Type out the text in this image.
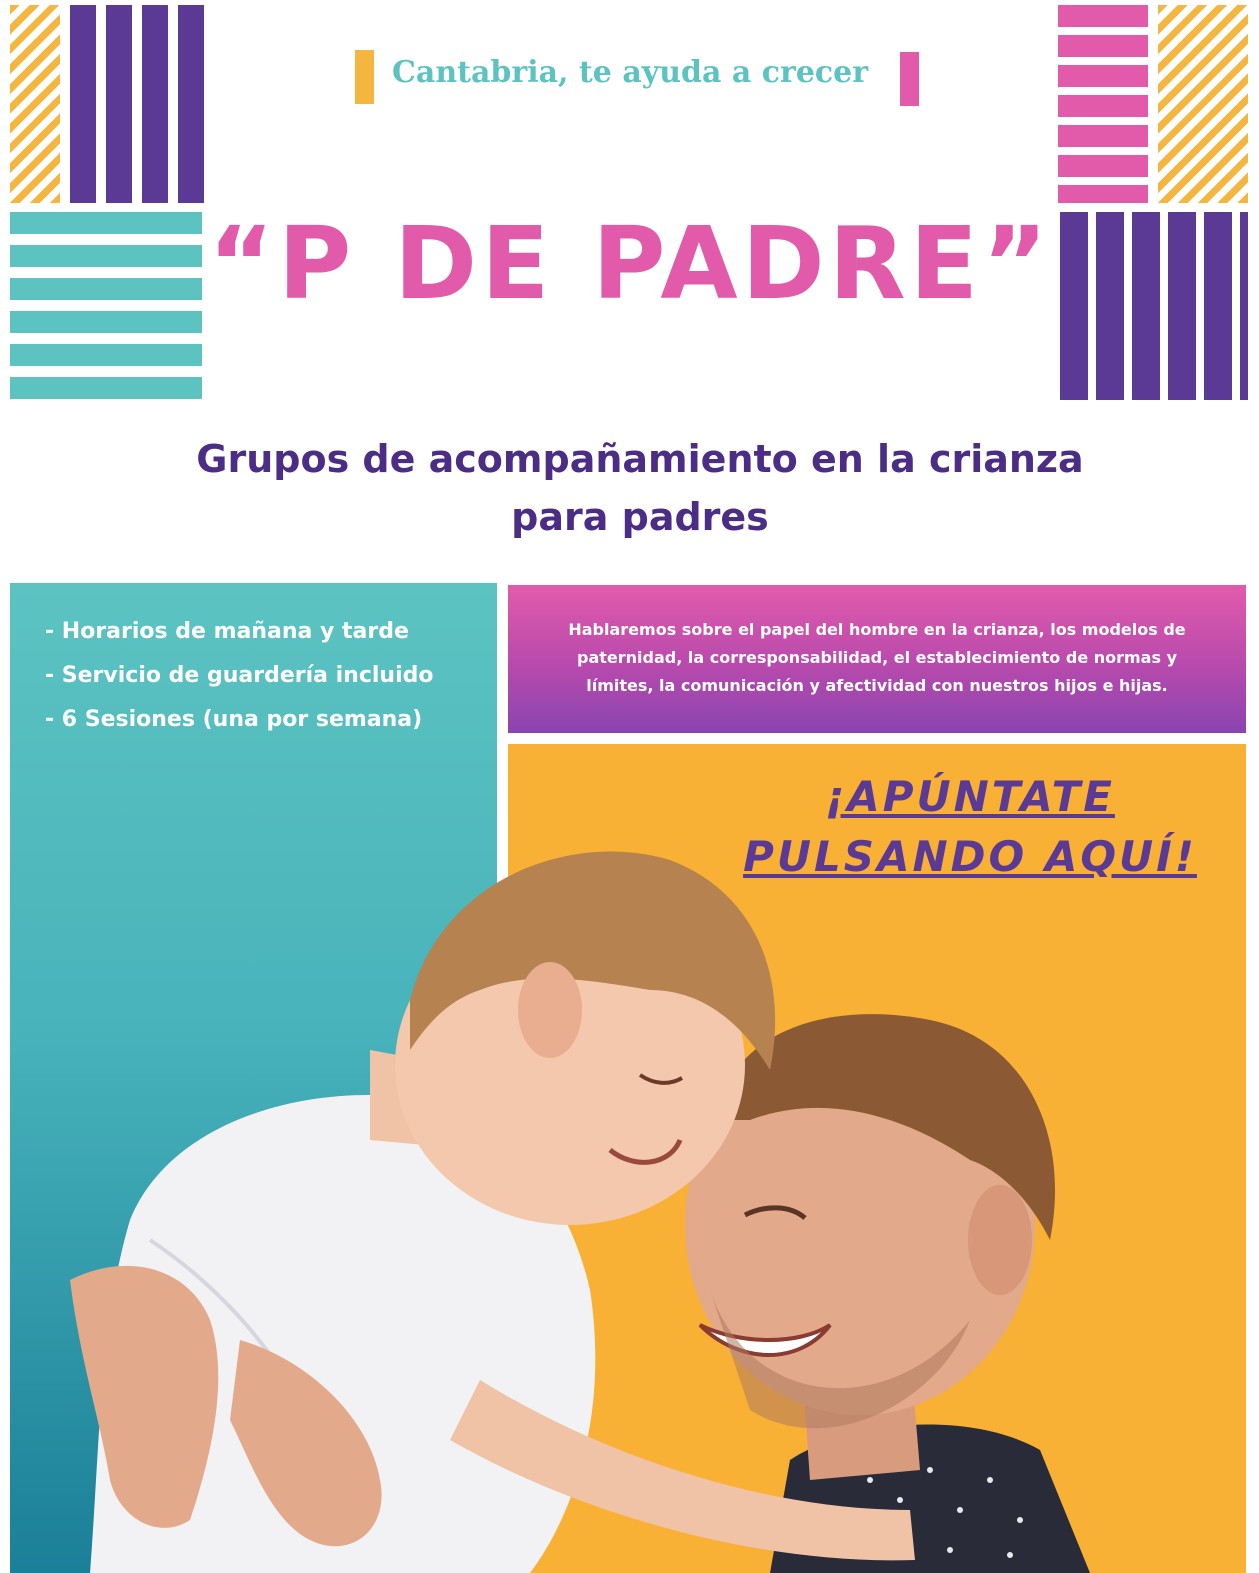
Cantabria, te ayuda a crecer
“P DE PADRE”
Grupos de acompañamiento en la crianza
para padres
- Horarios de mañana y tarde
- Servicio de guardería incluido
- 6 Sesiones (una por semana)
Hablaremos sobre el papel del hombre en la crianza, los modelos de
paternidad, la corresponsabilidad, el establecimiento de normas y
límites, la comunicación y afectividad con nuestros hijos e hijas.
¡APÚNTATE
PULSANDO AQUÍ!
